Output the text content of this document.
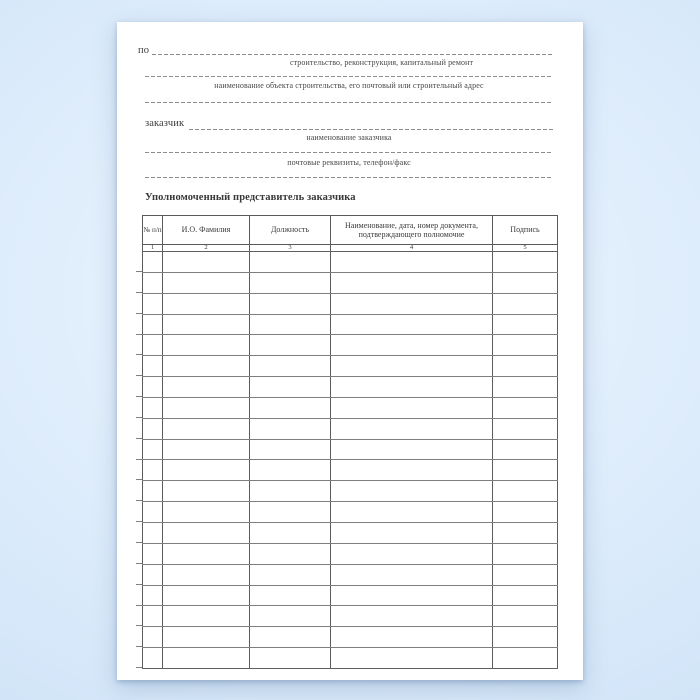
по
строительство, реконструкция, капитальный ремонт
наименование объекта строительства, его почтовый или строительный адрес
заказчик
наименование заказчика
почтовые реквизиты, телефон/факс
Уполномоченный представитель заказчика
№ п/п	И.О. Фамилия	Должность	Наименование, дата, номер документа, подтверждающего полномочие	Подпись
1	2	3	4	5
